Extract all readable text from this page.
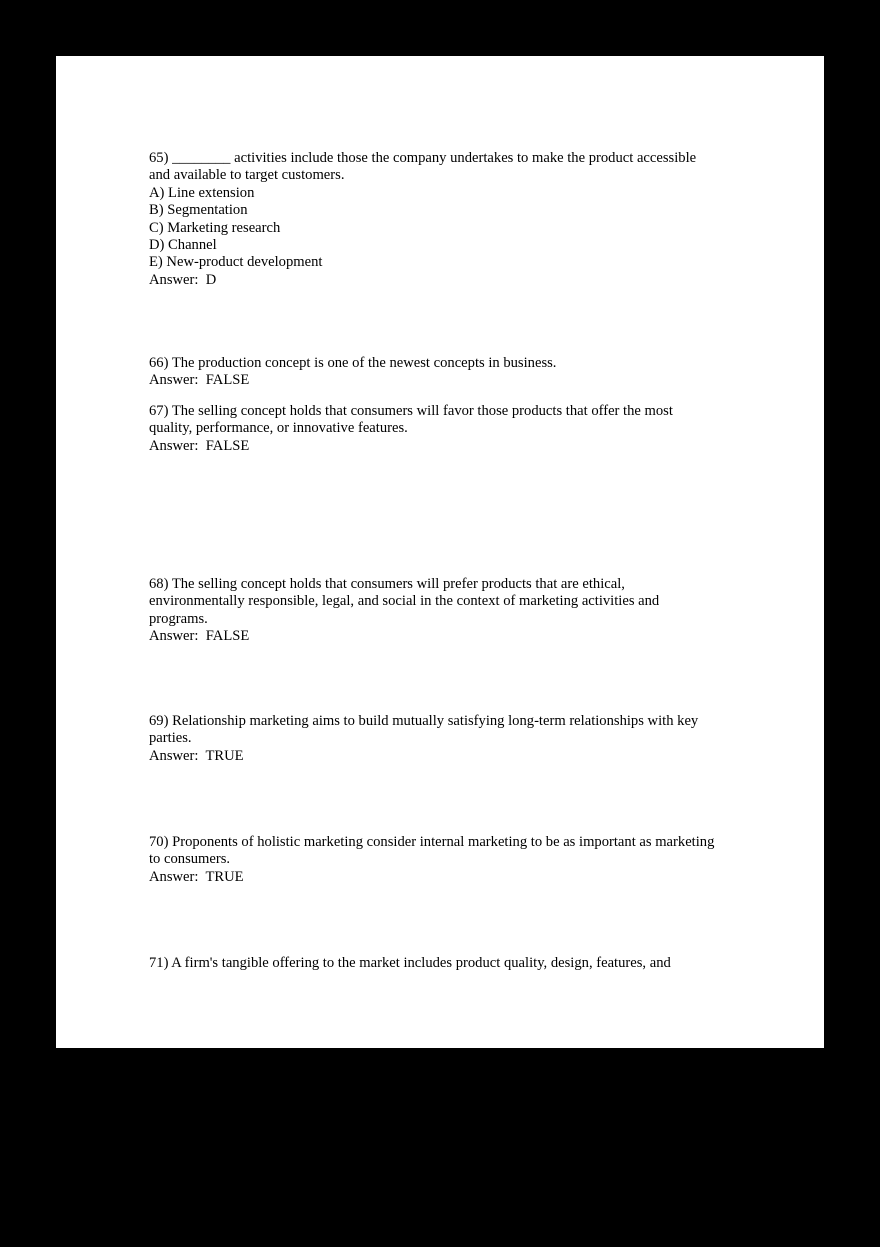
65) ________ activities include those the company undertakes to make the product accessible
and available to target customers.
A) Line extension
B) Segmentation
C) Marketing research
D) Channel
E) New-product development
Answer:  D
66) The production concept is one of the newest concepts in business.
Answer:  FALSE
67) The selling concept holds that consumers will favor those products that offer the most
quality, performance, or innovative features.
Answer:  FALSE
68) The selling concept holds that consumers will prefer products that are ethical,
environmentally responsible, legal, and social in the context of marketing activities and
programs.
Answer:  FALSE
69) Relationship marketing aims to build mutually satisfying long-term relationships with key
parties.
Answer:  TRUE
70) Proponents of holistic marketing consider internal marketing to be as important as marketing
to consumers.
Answer:  TRUE
71) A firm's tangible offering to the market includes product quality, design, features, and
